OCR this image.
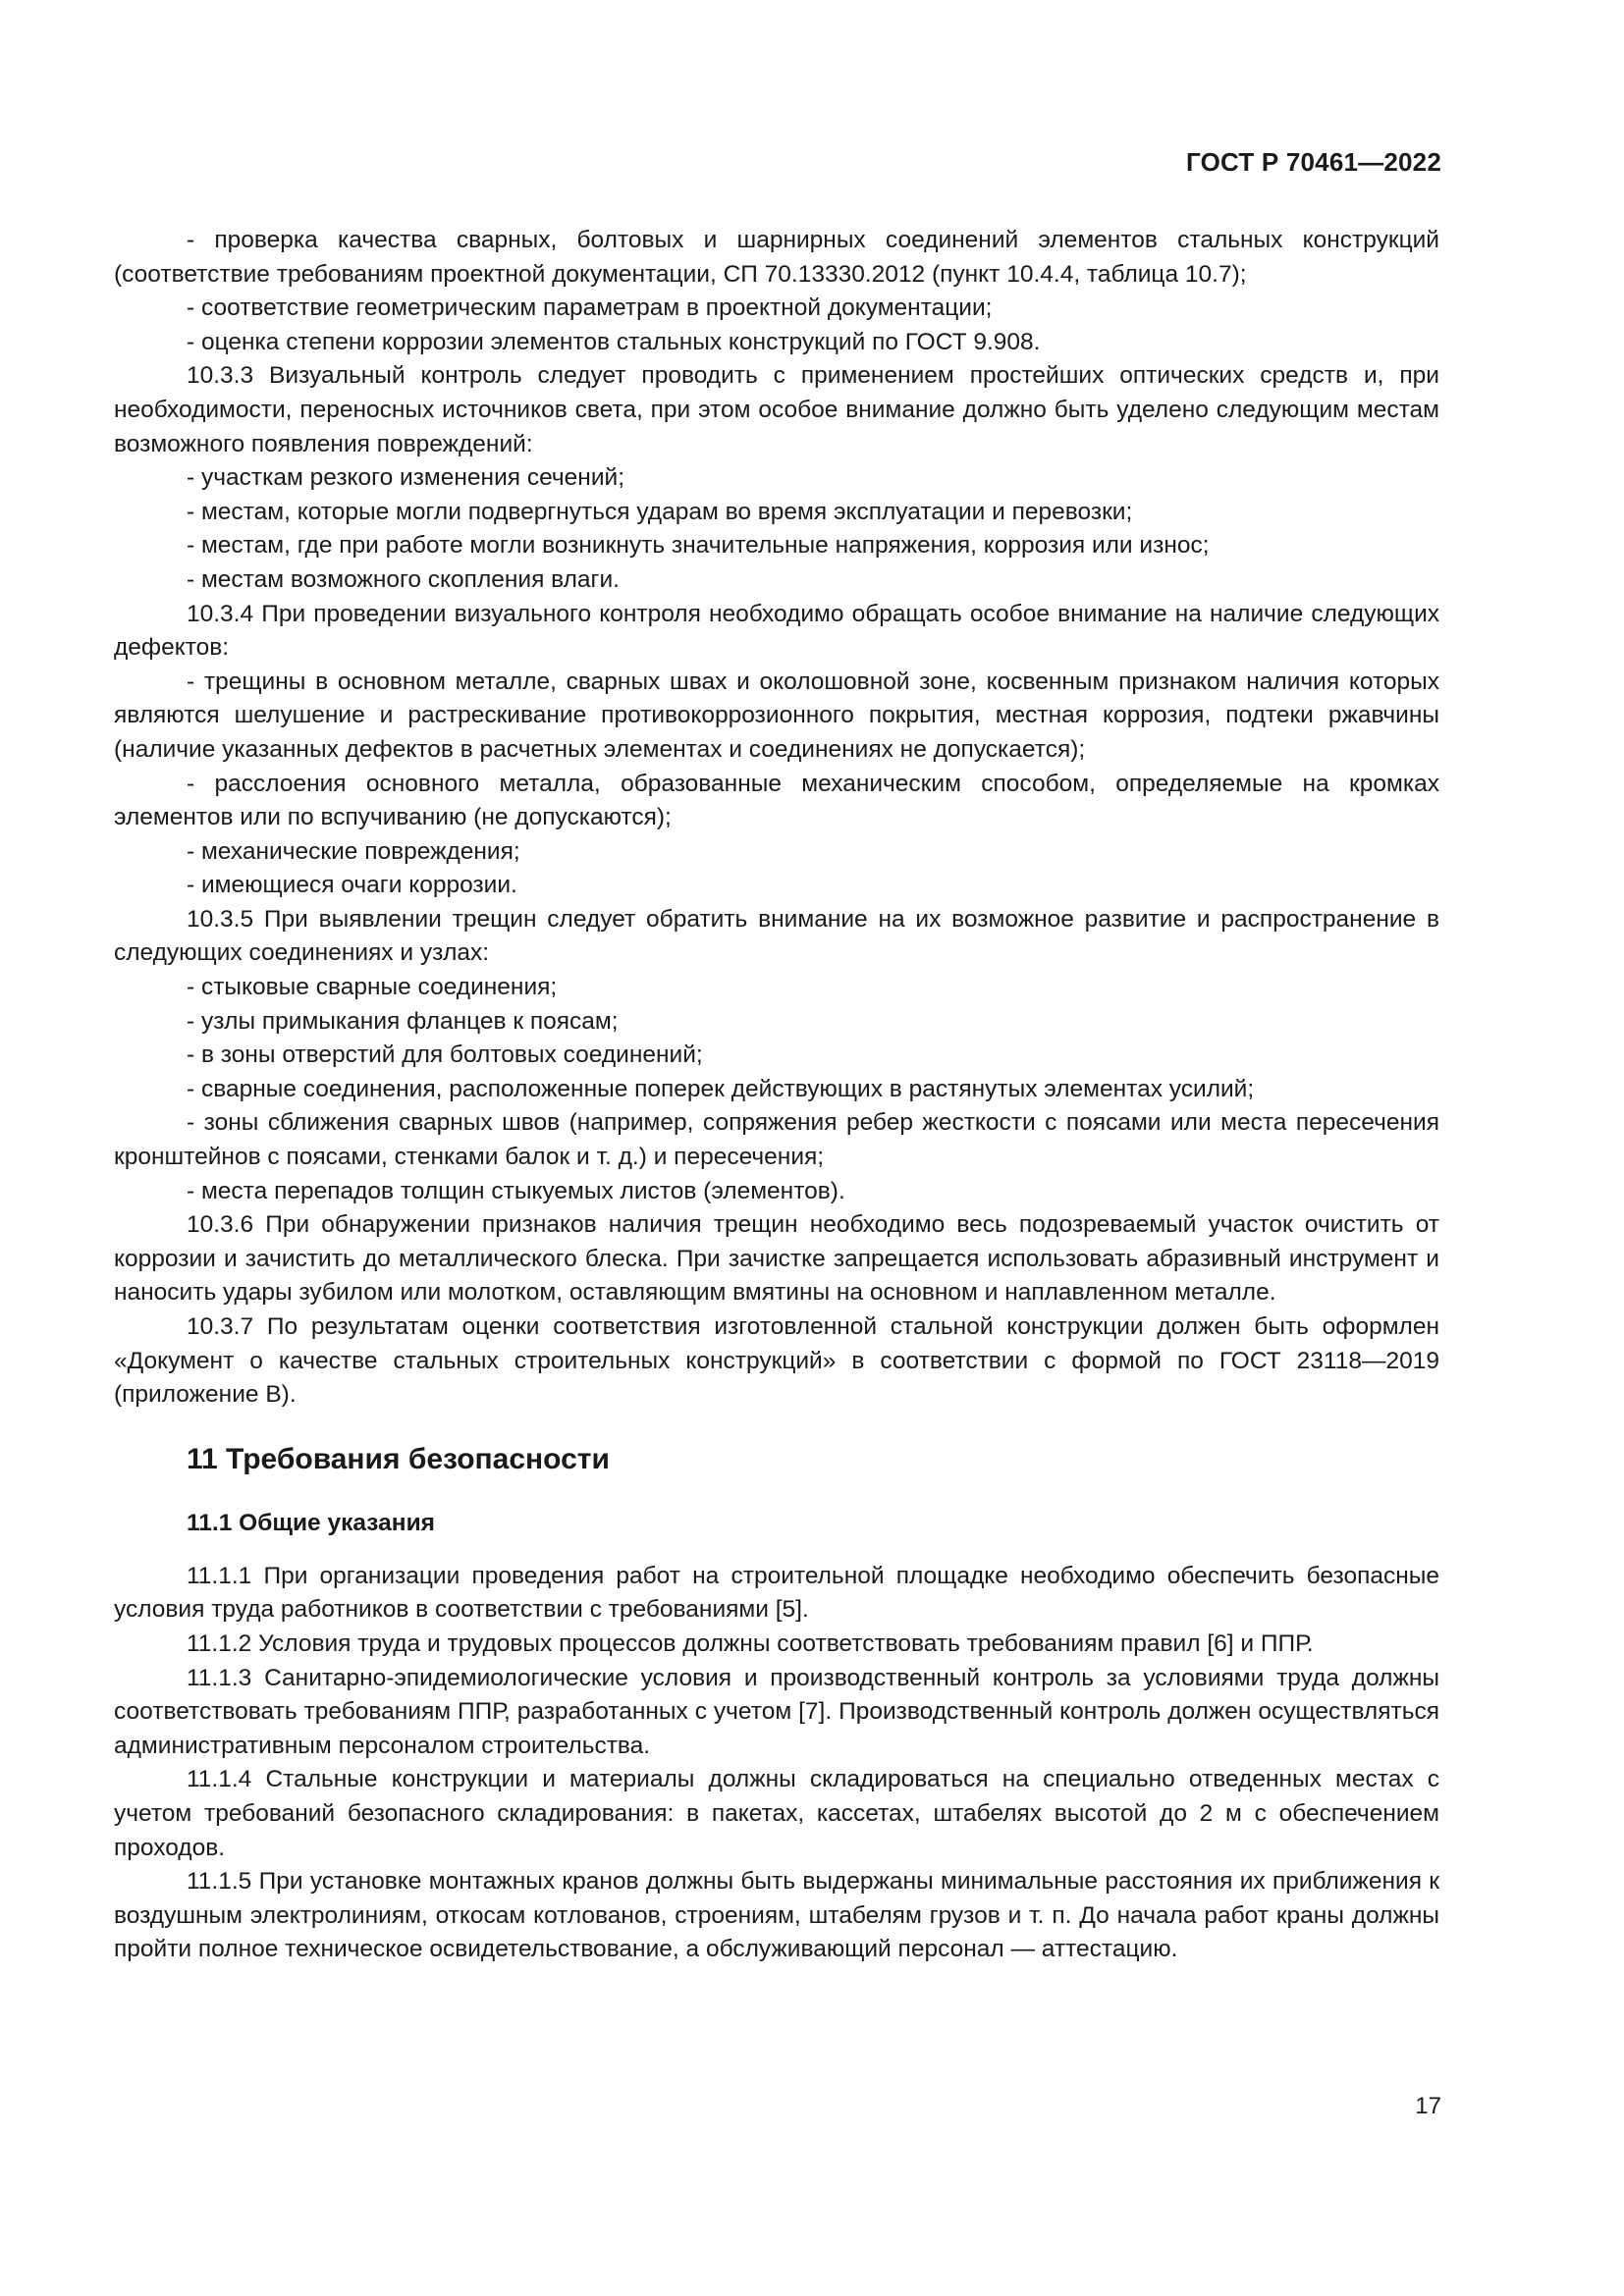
ГОСТ Р 70461—2022

- проверка качества сварных, болтовых и шарнирных соединений элементов стальных конструкций (соответствие требованиям проектной документации, СП 70.13330.2012 (пункт 10.4.4, таблица 10.7);

- соответствие геометрическим параметрам в проектной документации;

- оценка степени коррозии элементов стальных конструкций по ГОСТ 9.908.

10.3.3 Визуальный контроль следует проводить с применением простейших оптических средств и, при необходимости, переносных источников света, при этом особое внимание должно быть уделено следующим местам возможного появления повреждений:

- участкам резкого изменения сечений;

- местам, которые могли подвергнуться ударам во время эксплуатации и перевозки;

- местам, где при работе могли возникнуть значительные напряжения, коррозия или износ;

- местам возможного скопления влаги.

10.3.4 При проведении визуального контроля необходимо обращать особое внимание на наличие следующих дефектов:

- трещины в основном металле, сварных швах и околошовной зоне, косвенным признаком наличия которых являются шелушение и растрескивание противокоррозионного покрытия, местная коррозия, подтеки ржавчины (наличие указанных дефектов в расчетных элементах и соединениях не допускается);

- расслоения основного металла, образованные механическим способом, определяемые на кромках элементов или по вспучиванию (не допускаются);

- механические повреждения;

- имеющиеся очаги коррозии.

10.3.5 При выявлении трещин следует обратить внимание на их возможное развитие и распространение в следующих соединениях и узлах:

- стыковые сварные соединения;

- узлы примыкания фланцев к поясам;

- в зоны отверстий для болтовых соединений;

- сварные соединения, расположенные поперек действующих в растянутых элементах усилий;

- зоны сближения сварных швов (например, сопряжения ребер жесткости с поясами или места пересечения кронштейнов с поясами, стенками балок и т. д.) и пересечения;

- места перепадов толщин стыкуемых листов (элементов).

10.3.6 При обнаружении признаков наличия трещин необходимо весь подозреваемый участок очистить от коррозии и зачистить до металлического блеска. При зачистке запрещается использовать абразивный инструмент и наносить удары зубилом или молотком, оставляющим вмятины на основном и наплавленном металле.

10.3.7 По результатам оценки соответствия изготовленной стальной конструкции должен быть оформлен «Документ о качестве стальных строительных конструкций» в соответствии с формой по ГОСТ 23118—2019 (приложение В).

11 Требования безопасности
11.1 Общие указания

11.1.1 При организации проведения работ на строительной площадке необходимо обеспечить безопасные условия труда работников в соответствии с требованиями [5].

11.1.2 Условия труда и трудовых процессов должны соответствовать требованиям правил [6] и ППР.

11.1.3 Санитарно-эпидемиологические условия и производственный контроль за условиями труда должны соответствовать требованиям ППР, разработанных с учетом [7]. Производственный контроль должен осуществляться административным персоналом строительства.

11.1.4 Стальные конструкции и материалы должны складироваться на специально отведенных местах с учетом требований безопасного складирования: в пакетах, кассетах, штабелях высотой до 2 м с обеспечением проходов.

11.1.5 При установке монтажных кранов должны быть выдержаны минимальные расстояния их приближения к воздушным электролиниям, откосам котлованов, строениям, штабелям грузов и т. п. До начала работ краны должны пройти полное техническое освидетельствование, а обслуживающий персонал — аттестацию.

17
